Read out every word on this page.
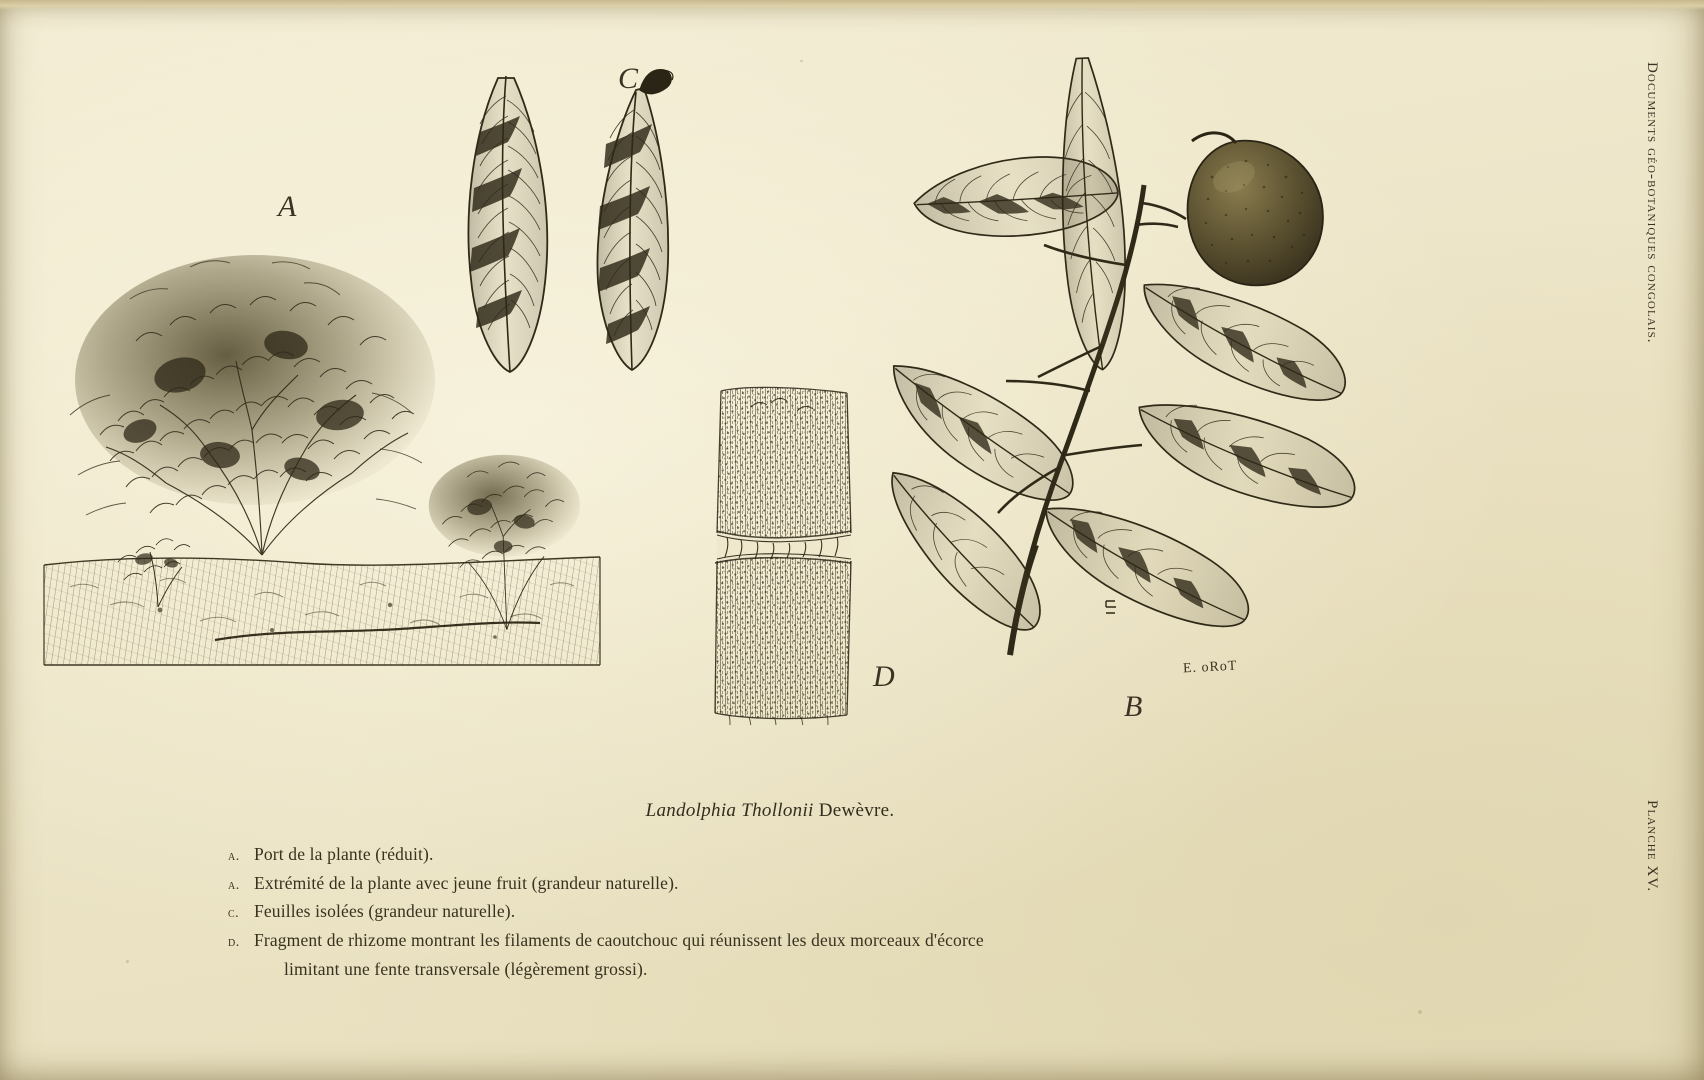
A
C
D
B
E. oRoT
Landolphia Thollonii Dewèvre.
a. Port de la plante (réduit).
a. Extrémité de la plante avec jeune fruit (grandeur naturelle).
c. Feuilles isolées (grandeur naturelle).
d. Fragment de rhizome montrant les filaments de caoutchouc qui réunissent les deux morceaux d'écorce
limitant une fente transversale (légèrement grossi).
Documents géo-botaniques congolais.
Planche XV.
